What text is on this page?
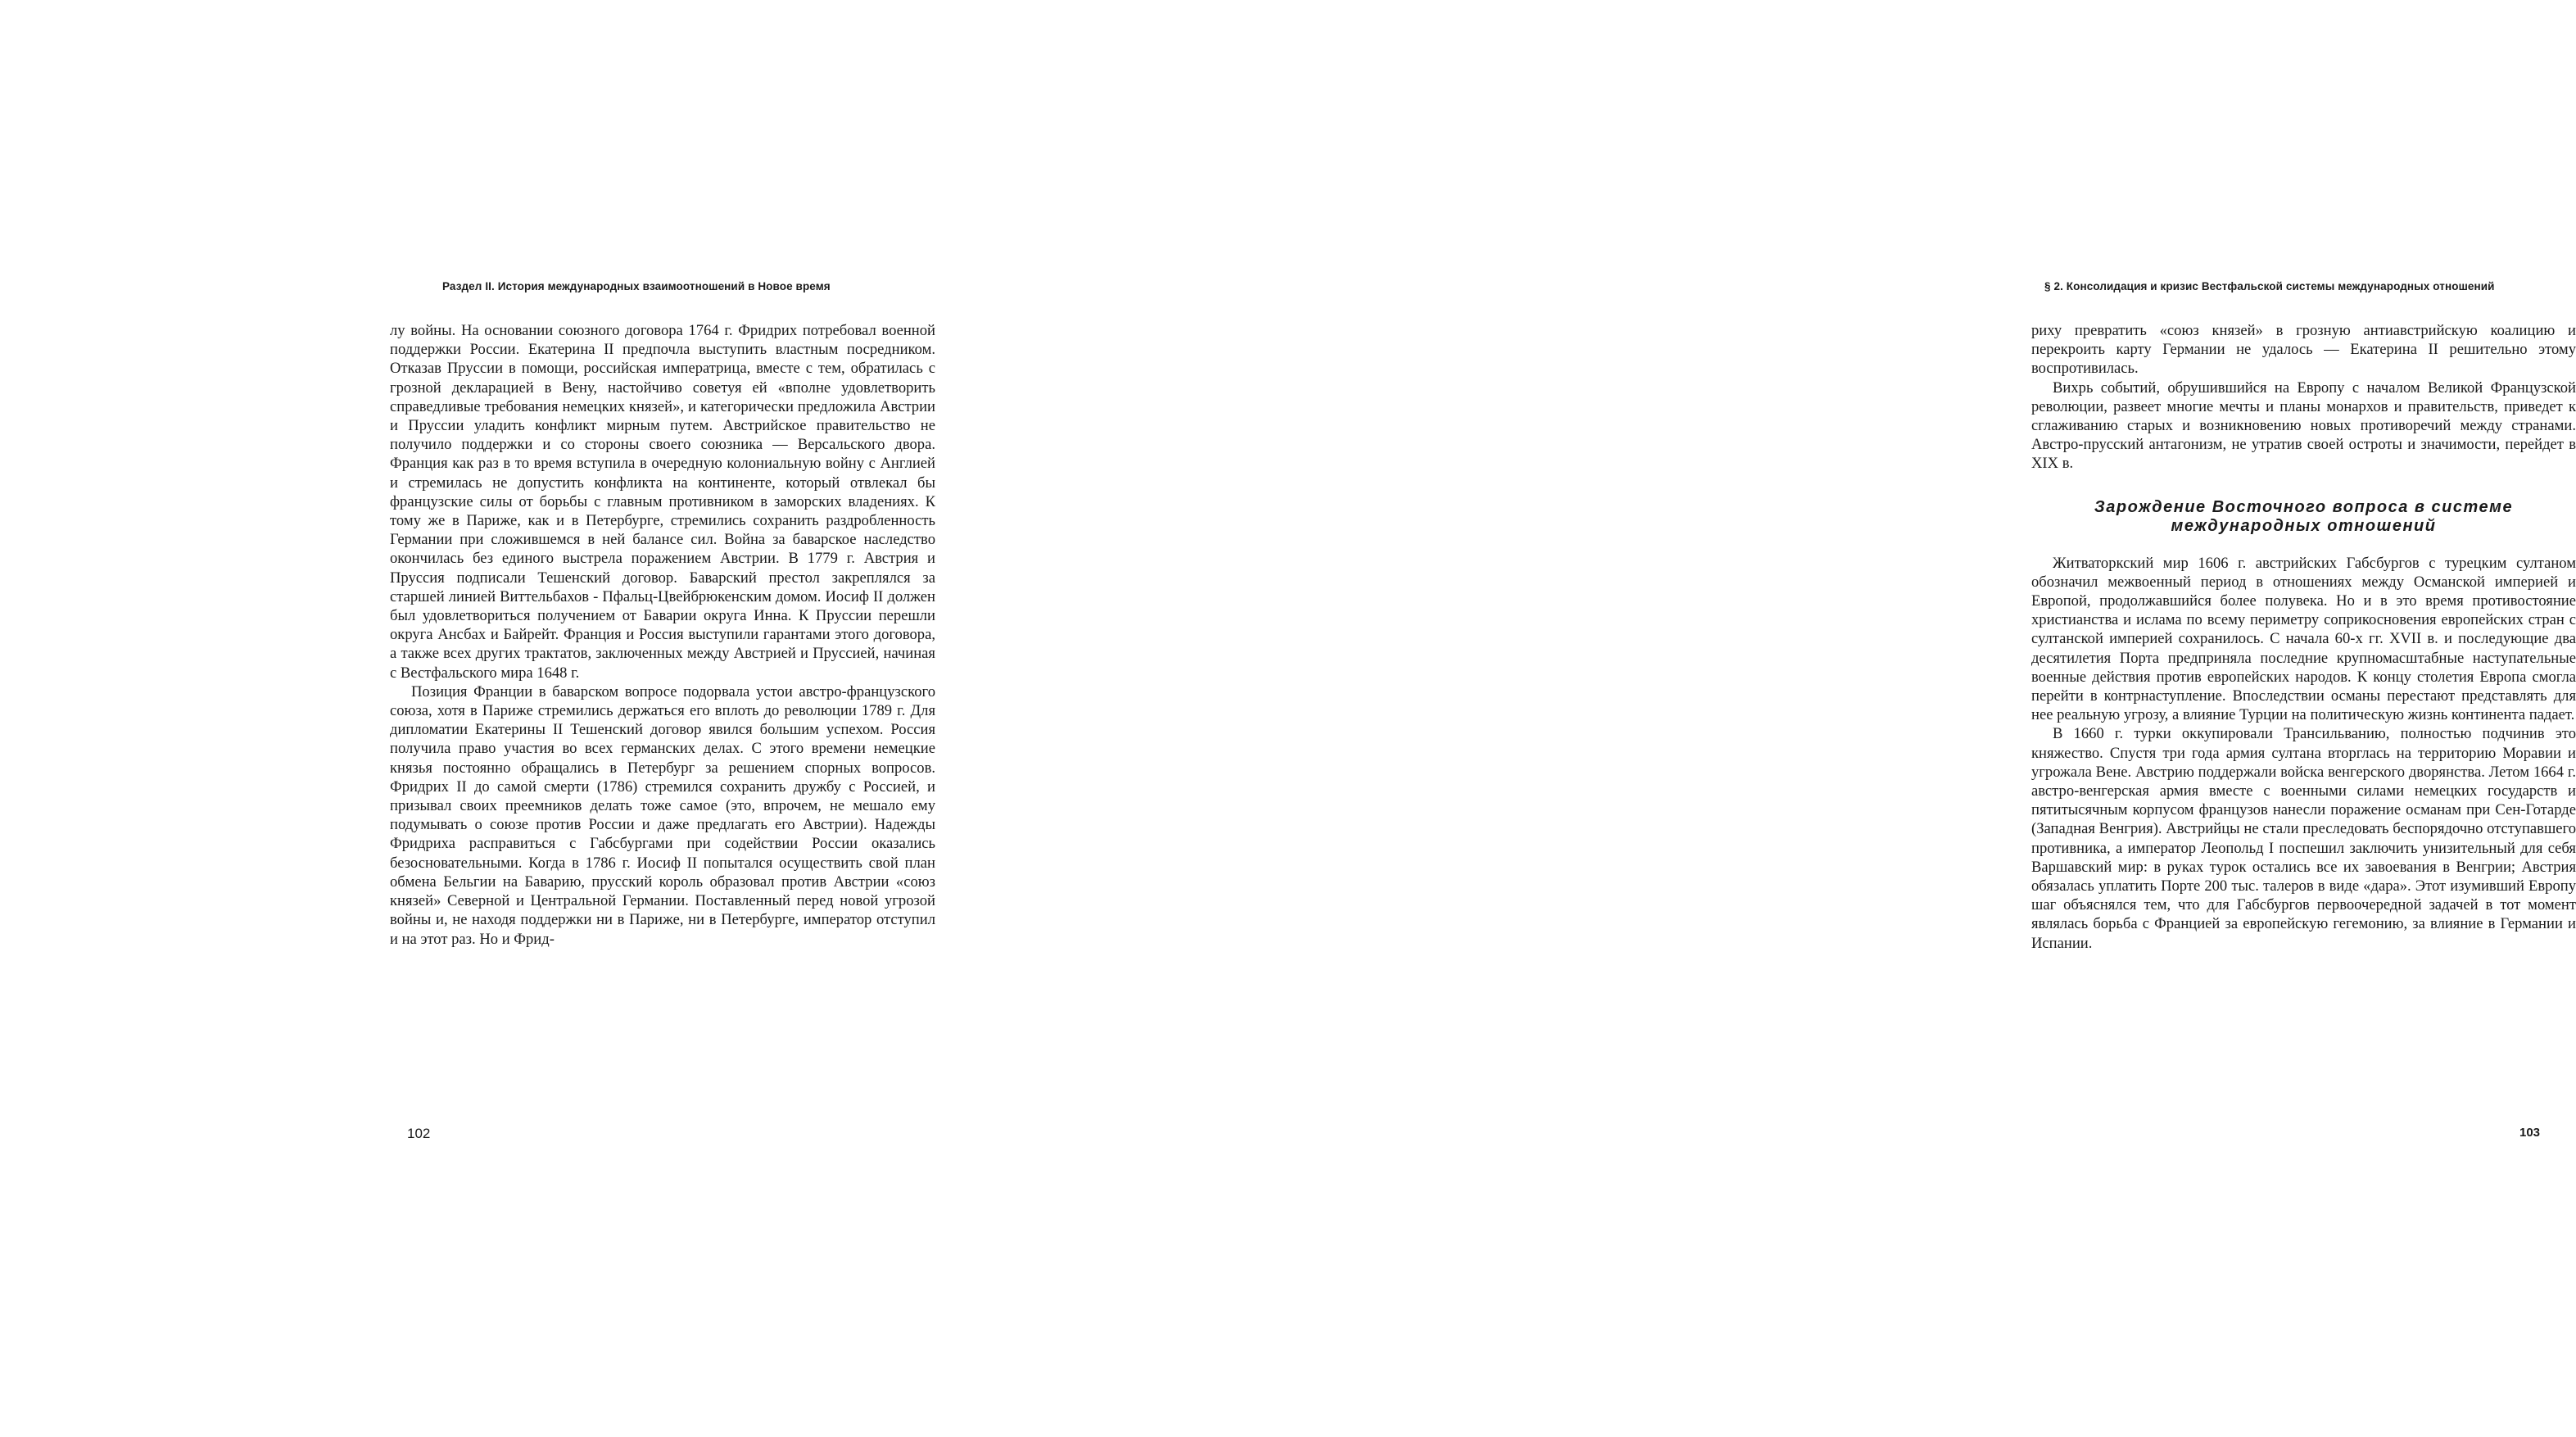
Раздел II. История международных взаимоотношений в Новое время

лу войны. На основании союзного договора 1764 г. Фридрих потребовал военной поддержки России. Екатерина II предпочла выступить властным посредником. Отказав Пруссии в помощи, российская императрица, вместе с тем, обратилась с грозной декларацией в Вену, настойчиво советуя ей «вполне удовлетворить справедливые требования немецких князей», и категорически предложила Австрии и Пруссии уладить конфликт мирным путем. Австрийское правительство не получило поддержки и со стороны своего союзника — Версальского двора. Франция как раз в то время вступила в очередную колониальную войну с Англией и стремилась не допустить конфликта на континенте, который отвлекал бы французские силы от борьбы с главным противником в заморских владениях. К тому же в Париже, как и в Петербурге, стремились сохранить раздробленность Германии при сложившемся в ней балансе сил. Война за баварское наследство окончилась без единого выстрела поражением Австрии. В 1779 г. Австрия и Пруссия подписали Тешенский договор. Баварский престол закреплялся за старшей линией Виттельбахов - Пфальц-Цвейбрюкенским домом. Иосиф II должен был удовлетвориться получением от Баварии округа Инна. К Пруссии перешли округа Ансбах и Байрейт. Франция и Россия выступили гарантами этого договора, а также всех других трактатов, заключенных между Австрией и Пруссией, начиная с Вестфальского мира 1648 г.

Позиция Франции в баварском вопросе подорвала устои австро-французского союза, хотя в Париже стремились держаться его вплоть до революции 1789 г. Для дипломатии Екатерины II Тешенский договор явился большим успехом. Россия получила право участия во всех германских делах. С этого времени немецкие князья постоянно обращались в Петербург за решением спорных вопросов. Фридрих II до самой смерти (1786) стремился сохранить дружбу с Россией, и призывал своих преемников делать тоже самое (это, впрочем, не мешало ему подумывать о союзе против России и даже предлагать его Австрии). Надежды Фридриха расправиться с Габсбургами при содействии России оказались безосновательными. Когда в 1786 г. Иосиф II попытался осуществить свой план обмена Бельгии на Баварию, прусский король образовал против Австрии «союз князей» Северной и Центральной Германии. Поставленный перед новой угрозой войны и, не находя поддержки ни в Париже, ни в Петербурге, император отступил и на этот раз. Но и Фрид-

102
§ 2. Консолидация и кризис Вестфальской системы международных отношений

риху превратить «союз князей» в грозную антиавстрийскую коалицию и перекроить карту Германии не удалось — Екатерина II решительно этому воспротивилась.

Вихрь событий, обрушившийся на Европу с началом Великой Французской революции, развеет многие мечты и планы монархов и правительств, приведет к сглаживанию старых и возникновению новых противоречий между странами. Австро-прусский антагонизм, не утратив своей остроты и значимости, перейдет в XIX в.

Зарождение Восточного вопроса в системе
международных отношений

Житваторкский мир 1606 г. австрийских Габсбургов с турецким султаном обозначил межвоенный период в отношениях между Османской империей и Европой, продолжавшийся более полувека. Но и в это время противостояние христианства и ислама по всему периметру соприкосновения европейских стран с султанской империей сохранилось. С начала 60-х гг. XVII в. и последующие два десятилетия Порта предприняла последние крупномасштабные наступательные военные действия против европейских народов. К концу столетия Европа смогла перейти в контрнаступление. Впоследствии османы перестают представлять для нее реальную угрозу, а влияние Турции на политическую жизнь континента падает.

В 1660 г. турки оккупировали Трансильванию, полностью подчинив это княжество. Спустя три года армия султана вторглась на территорию Моравии и угрожала Вене. Австрию поддержали войска венгерского дворянства. Летом 1664 г. австро-венгерская армия вместе с военными силами немецких государств и пятитысячным корпусом французов нанесли поражение османам при Сен-Готарде (Западная Венгрия). Австрийцы не стали преследовать беспорядочно отступавшего противника, а император Леопольд I поспешил заключить унизительный для себя Варшавский мир: в руках турок остались все их завоевания в Венгрии; Австрия обязалась уплатить Порте 200 тыс. талеров в виде «дара». Этот изумивший Европу шаг объяснялся тем, что для Габсбургов первоочередной задачей в тот момент являлась борьба с Францией за европейскую гегемонию, за влияние в Германии и Испании.

103
